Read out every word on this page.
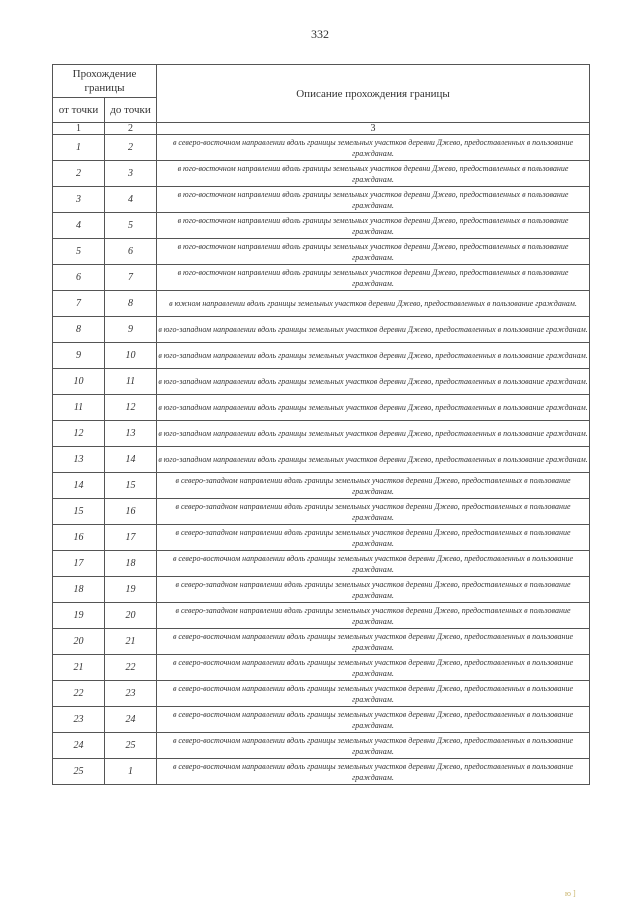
332
Прохождение границы		Описание прохождения границы
от точки	до точки	
1	2	3
1	2	в северо-восточном направлении вдоль границы земельных участков деревни Джево, предоставленных в пользование гражданам.
2	3	в юго-восточном направлении вдоль границы земельных участков деревни Джево, предоставленных в пользование гражданам.
3	4	в юго-восточном направлении вдоль границы земельных участков деревни Джево, предоставленных в пользование гражданам.
4	5	в юго-восточном направлении вдоль границы земельных участков деревни Джево, предоставленных в пользование гражданам.
5	6	в юго-восточном направлении вдоль границы земельных участков деревни Джево, предоставленных в пользование гражданам.
6	7	в юго-восточном направлении вдоль границы земельных участков деревни Джево, предоставленных в пользование гражданам.
7	8	в южном направлении вдоль границы земельных участков деревни Джево, предоставленных в пользование гражданам.
8	9	в юго-западном направлении вдоль границы земельных участков деревни Джево, предоставленных в пользование гражданам.
9	10	в юго-западном направлении вдоль границы земельных участков деревни Джево, предоставленных в пользование гражданам.
10	11	в юго-западном направлении вдоль границы земельных участков деревни Джево, предоставленных в пользование гражданам.
11	12	в юго-западном направлении вдоль границы земельных участков деревни Джево, предоставленных в пользование гражданам.
12	13	в юго-западном направлении вдоль границы земельных участков деревни Джево, предоставленных в пользование гражданам.
13	14	в юго-западном направлении вдоль границы земельных участков деревни Джево, предоставленных в пользование гражданам.
14	15	в северо-западном направлении вдоль границы земельных участков деревни Джево, предоставленных в пользование гражданам.
15	16	в северо-западном направлении вдоль границы земельных участков деревни Джево, предоставленных в пользование гражданам.
16	17	в северо-западном направлении вдоль границы земельных участков деревни Джево, предоставленных в пользование гражданам.
17	18	в северо-восточном направлении вдоль границы земельных участков деревни Джево, предоставленных в пользование гражданам.
18	19	в северо-западном направлении вдоль границы земельных участков деревни Джево, предоставленных в пользование гражданам.
19	20	в северо-западном направлении вдоль границы земельных участков деревни Джево, предоставленных в пользование гражданам.
20	21	в северо-восточном направлении вдоль границы земельных участков деревни Джево, предоставленных в пользование гражданам.
21	22	в северо-восточном направлении вдоль границы земельных участков деревни Джево, предоставленных в пользование гражданам.
22	23	в северо-восточном направлении вдоль границы земельных участков деревни Джево, предоставленных в пользование гражданам.
23	24	в северо-восточном направлении вдоль границы земельных участков деревни Джево, предоставленных в пользование гражданам.
24	25	в северо-восточном направлении вдоль границы земельных участков деревни Джево, предоставленных в пользование гражданам.
25	1	в северо-восточном направлении вдоль границы земельных участков деревни Джево, предоставленных в пользование гражданам.
ю ]
